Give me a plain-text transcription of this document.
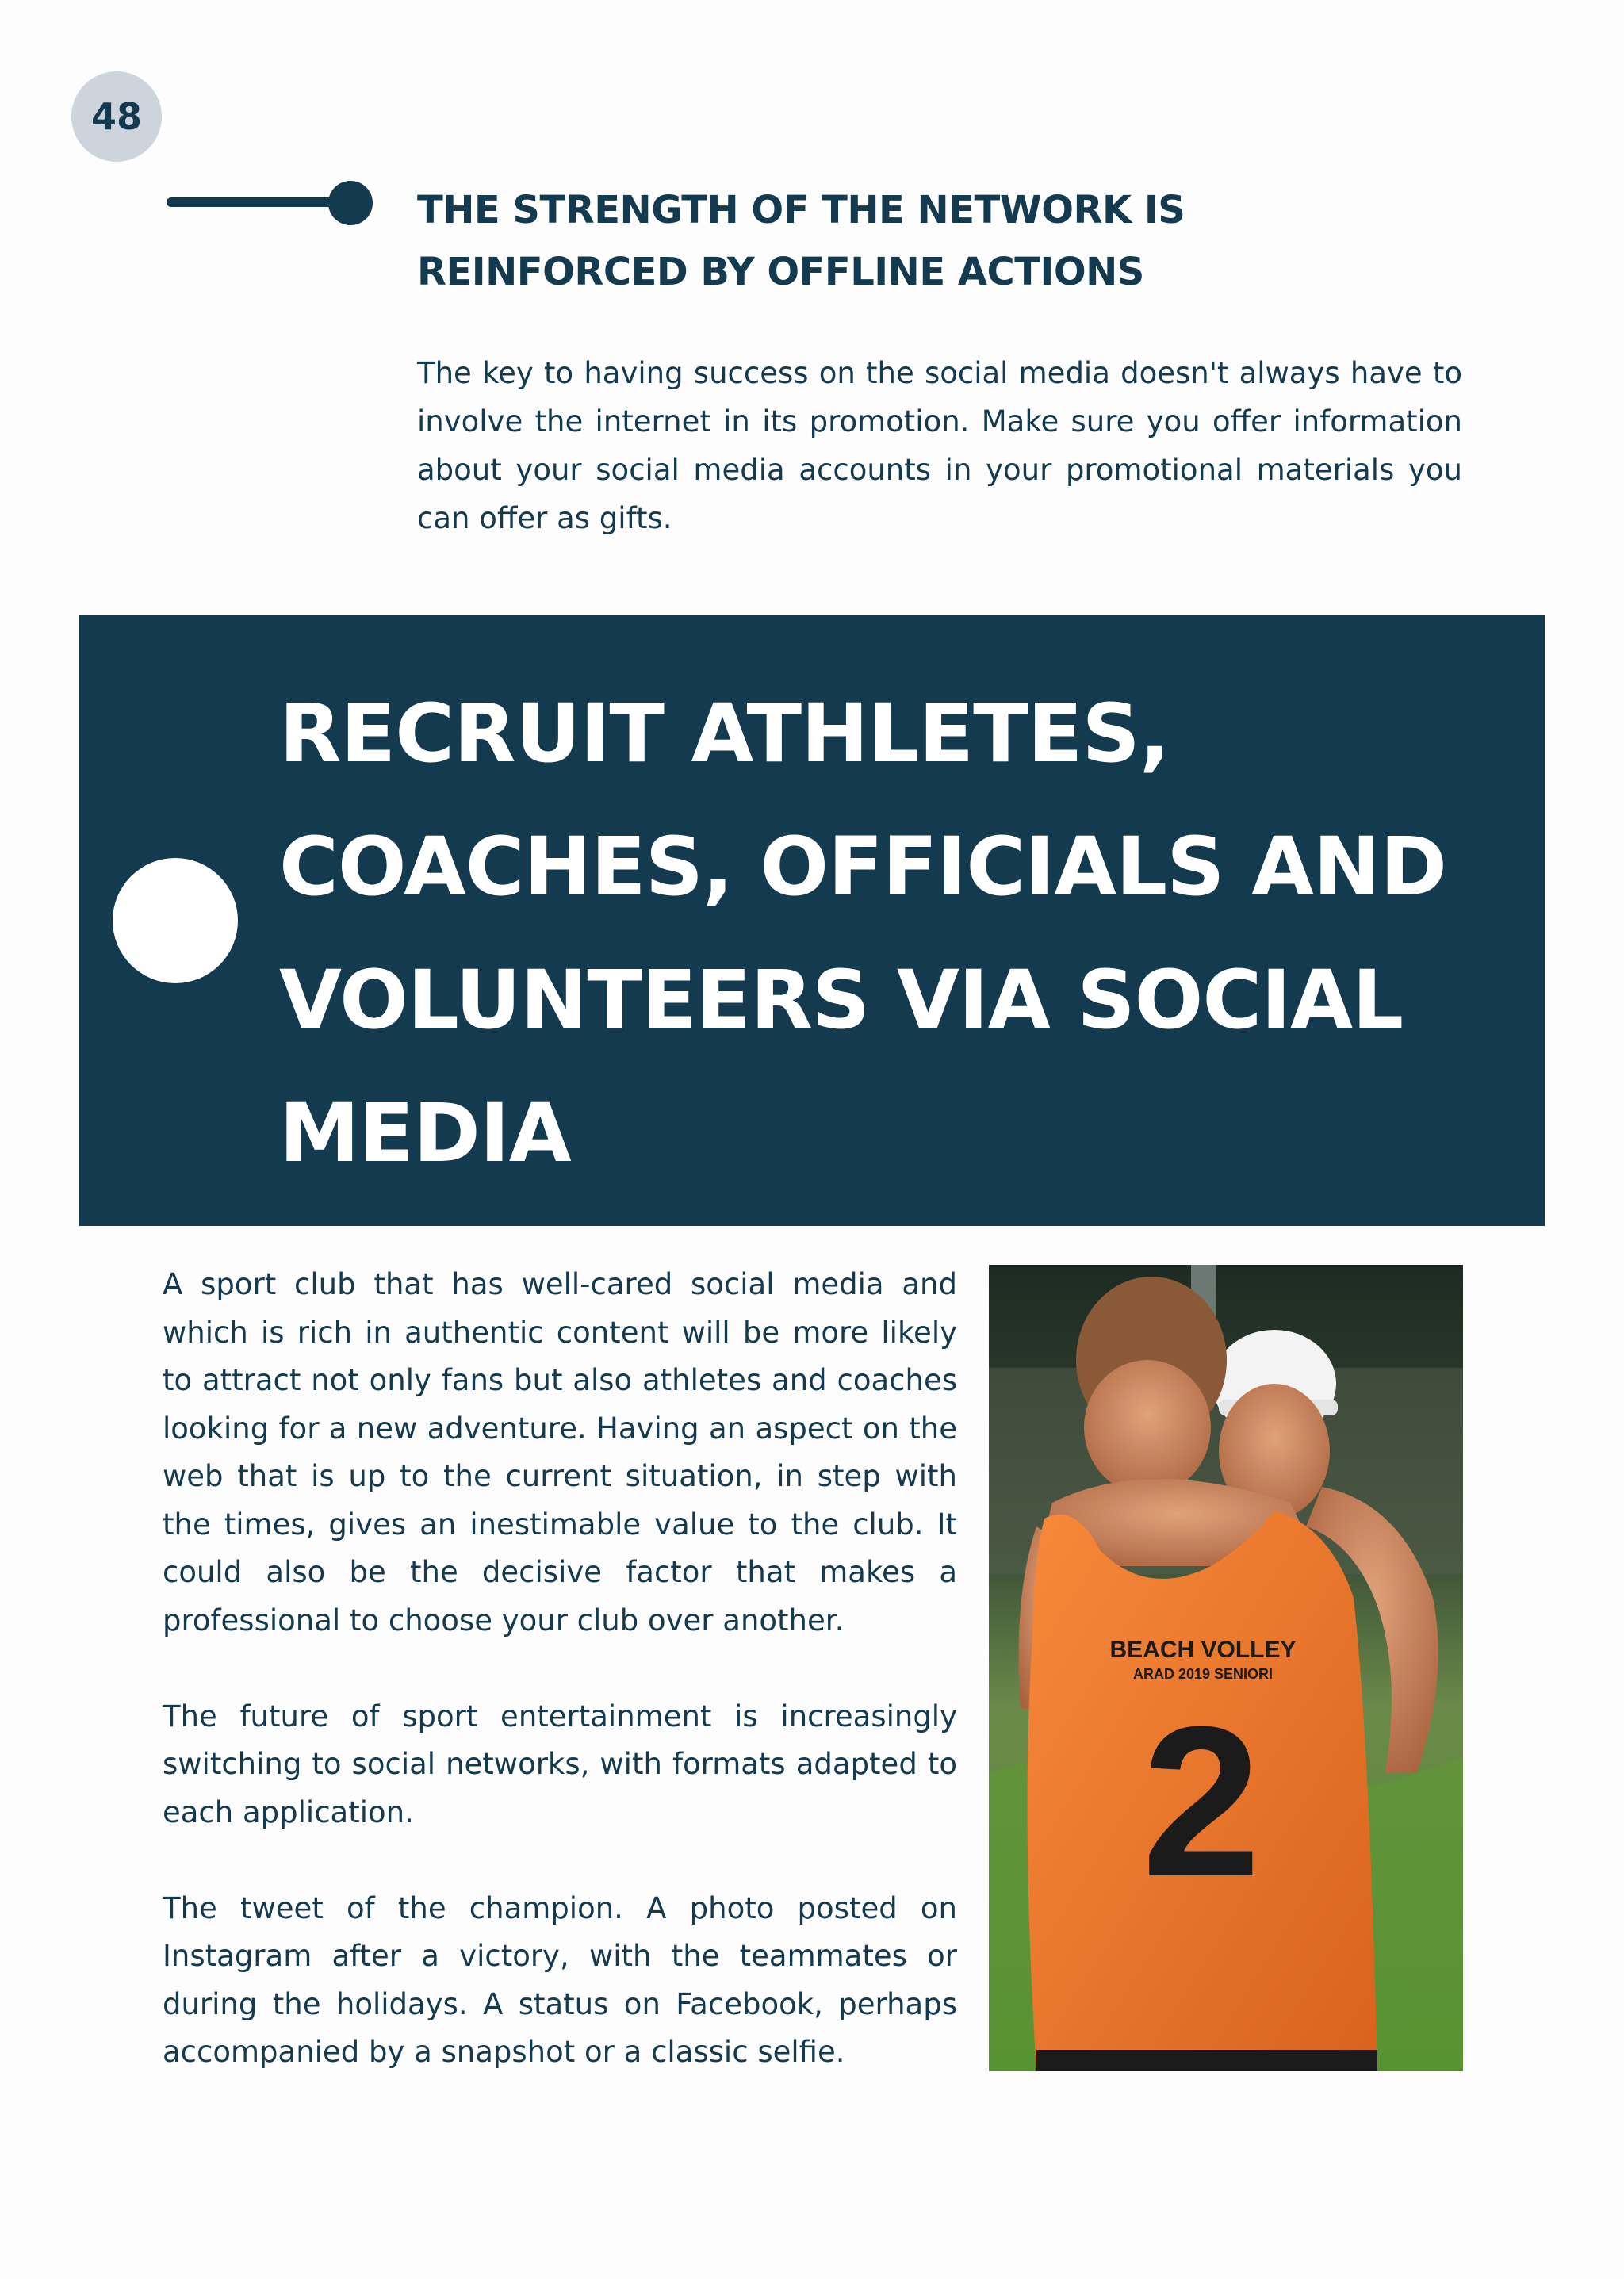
48
THE STRENGTH OF THE NETWORK IS REINFORCED BY OFFLINE ACTIONS

The key to having success on the social media doesn't always have to involve the internet in its promotion. Make sure you offer information about your social media accounts in your promotional materials you can offer as gifts.

RECRUIT ATHLETES, COACHES, OFFICIALS AND VOLUNTEERS VIA SOCIAL MEDIA

A sport club that has well-cared social media and which is rich in authentic content will be more likely to attract not only fans but also athletes and coaches looking for a new adventure. Having an aspect on the web that is up to the current situation, in step with the times, gives an inestimable value to the club. It could also be the decisive factor that makes a professional to choose your club over another.

The future of sport entertainment is increasingly switching to social networks, with formats adapted to each application.

The tweet of the champion. A photo posted on Instagram after a victory, with the teammates or during the holidays. A status on Facebook, perhaps accompanied by a snapshot or a classic selfie.

BEACH VOLLEY
ARAD 2019 SENIORI
2
